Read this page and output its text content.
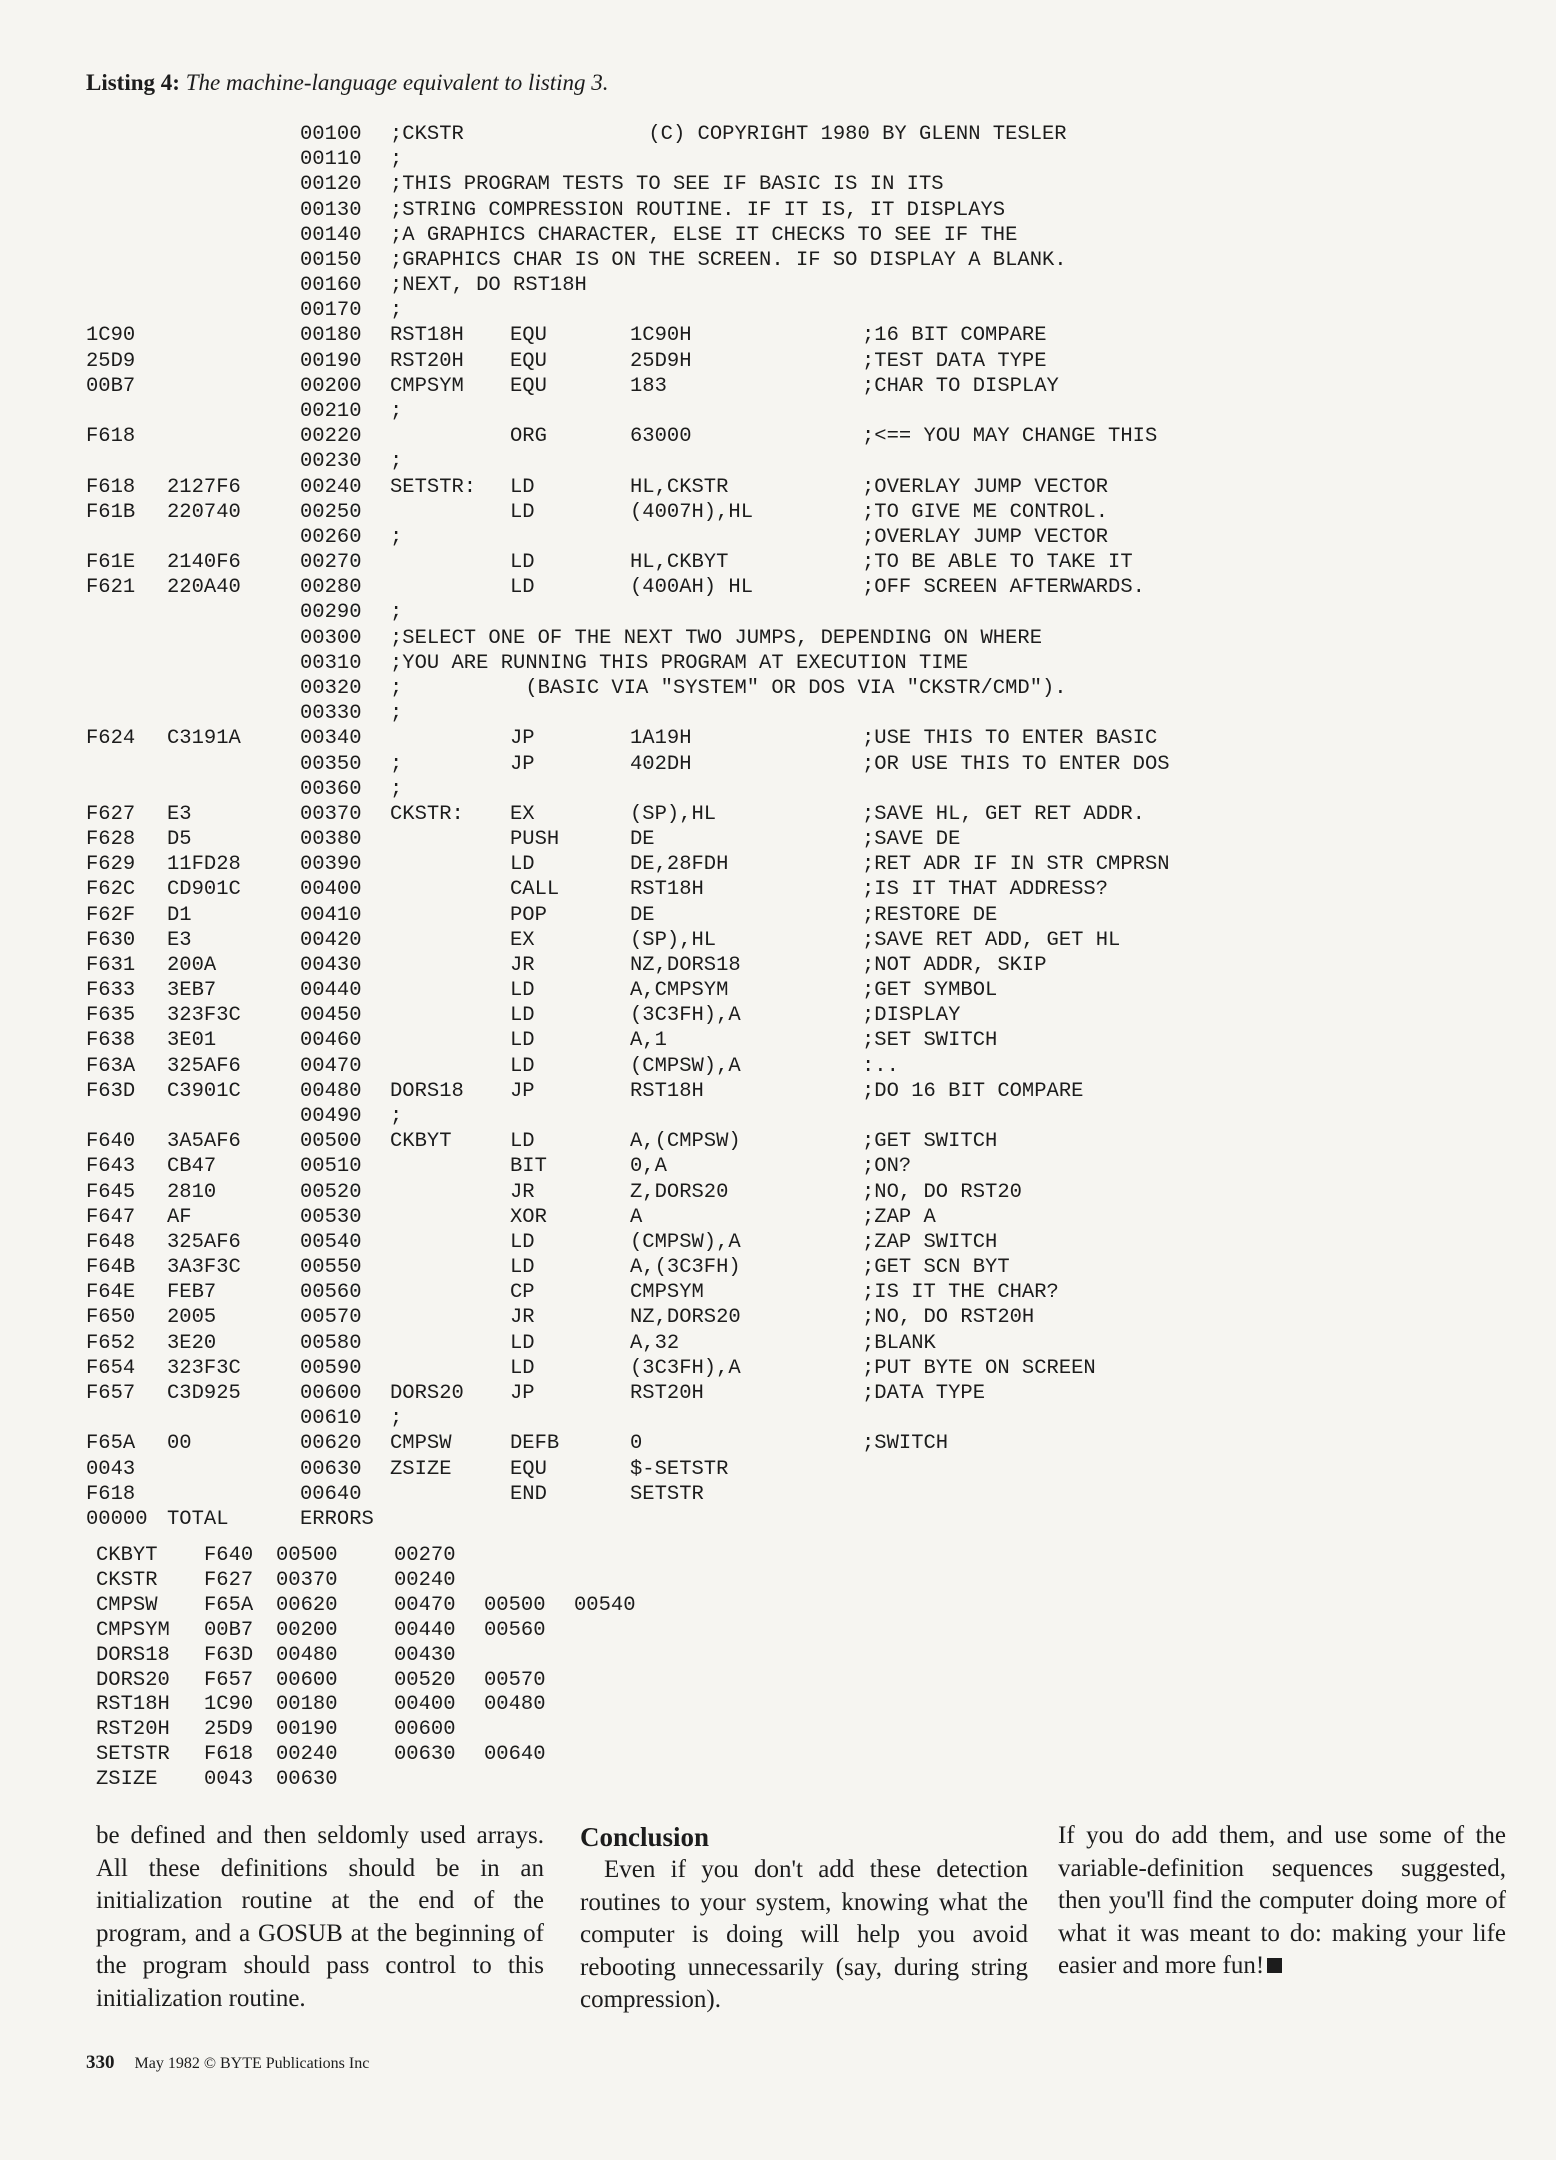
Listing 4: The machine-language equivalent to listing 3.
00100 ;CKSTR               (C) COPYRIGHT 1980 BY GLENN TESLER
00110 ;
00120 ;THIS PROGRAM TESTS TO SEE IF BASIC IS IN ITS
00130 ;STRING COMPRESSION ROUTINE. IF IT IS, IT DISPLAYS
00140 ;A GRAPHICS CHARACTER, ELSE IT CHECKS TO SEE IF THE
00150 ;GRAPHICS CHAR IS ON THE SCREEN. IF SO DISPLAY A BLANK.
00160 ;NEXT, DO RST18H
00170 ;
1C90	00180 RST18H EQU	1C90H	;16 BIT COMPARE
25D9	00190 RST20H EQU	25D9H	;TEST DATA TYPE
00B7	00200 CMPSYM EQU	183	;CHAR TO DISPLAY
00210 ;
F618	00220	ORG	63000	;<== YOU MAY CHANGE THIS
00230 ;
F618 2127F6	00240 SETSTR: LD	HL,CKSTR	;OVERLAY JUMP VECTOR
F61B 220740	00250	LD	(4007H),HL	;TO GIVE ME CONTROL.
00260 ;	;OVERLAY JUMP VECTOR
F61E 2140F6	00270	LD	HL,CKBYT	;TO BE ABLE TO TAKE IT
F621 220A40	00280	LD	(400AH) HL	;OFF SCREEN AFTERWARDS.
00290 ;
00300 ;SELECT ONE OF THE NEXT TWO JUMPS, DEPENDING ON WHERE
00310 ;YOU ARE RUNNING THIS PROGRAM AT EXECUTION TIME
00320 ;          (BASIC VIA "SYSTEM" OR DOS VIA "CKSTR/CMD").
00330 ;
F624 C3191A	00340	JP	1A19H	;USE THIS TO ENTER BASIC
00350 ;	JP	402DH	;OR USE THIS TO ENTER DOS
00360 ;
F627 E3	00370 CKSTR: EX	(SP),HL	;SAVE HL, GET RET ADDR.
F628 D5	00380	PUSH	DE	;SAVE DE
F629 11FD28	00390	LD	DE,28FDH	;RET ADR IF IN STR CMPRSN
F62C CD901C	00400	CALL	RST18H	;IS IT THAT ADDRESS?
F62F D1	00410	POP	DE	;RESTORE DE
F630 E3	00420	EX	(SP),HL	;SAVE RET ADD, GET HL
F631 200A	00430	JR	NZ,DORS18	;NOT ADDR, SKIP
F633 3EB7	00440	LD	A,CMPSYM	;GET SYMBOL
F635 323F3C	00450	LD	(3C3FH),A	;DISPLAY
F638 3E01	00460	LD	A,1	;SET SWITCH
F63A 325AF6	00470	LD	(CMPSW),A	:..
F63D C3901C	00480 DORS18 JP	RST18H	;DO 16 BIT COMPARE
00490 ;
F640 3A5AF6	00500 CKBYT	LD	A,(CMPSW)	;GET SWITCH
F643 CB47	00510	BIT	0,A	;ON?
F645 2810	00520	JR	Z,DORS20	;NO, DO RST20
F647 AF	00530	XOR	A	;ZAP A
F648 325AF6	00540	LD	(CMPSW),A	;ZAP SWITCH
F64B 3A3F3C	00550	LD	A,(3C3FH)	;GET SCN BYT
F64E FEB7	00560	CP	CMPSYM	;IS IT THE CHAR?
F650 2005	00570	JR	NZ,DORS20	;NO, DO RST20H
F652 3E20	00580	LD	A,32	;BLANK
F654 323F3C	00590	LD	(3C3FH),A	;PUT BYTE ON SCREEN
F657 C3D925	00600 DORS20 JP	RST20H	;DATA TYPE
00610 ;
F65A 00	00620 CMPSW	DEFB	0	;SWITCH
0043	00630 ZSIZE	EQU	$-SETSTR
F618	00640	END	SETSTR
00000 TOTAL	ERRORS
CKBYT F640 00500	00270
CKSTR F627 00370	00240
CMPSW F65A 00620	00470 00500 00540
CMPSYM 00B7 00200	00440 00560
DORS18 F63D 00480	00430
DORS20 F657 00600	00520 00570
RST18H 1C90 00180	00400 00480
RST20H 25D9 00190	00600
SETSTR F618 00240	00630 00640
ZSIZE 0043 00630

be defined and then seldomly used arrays. All these definitions should be in an initialization routine at the end of the program, and a GOSUB at the beginning of the program should pass control to this initialization routine.

Conclusion

Even if you don't add these detection routines to your system, knowing what the computer is doing will help you avoid rebooting unnecessarily (say, during string compression).

If you do add them, and use some of the variable-definition sequences suggested, then you'll find the computer doing more of what it was meant to do: making your life easier and more fun!

330 May 1982 © BYTE Publications Inc
